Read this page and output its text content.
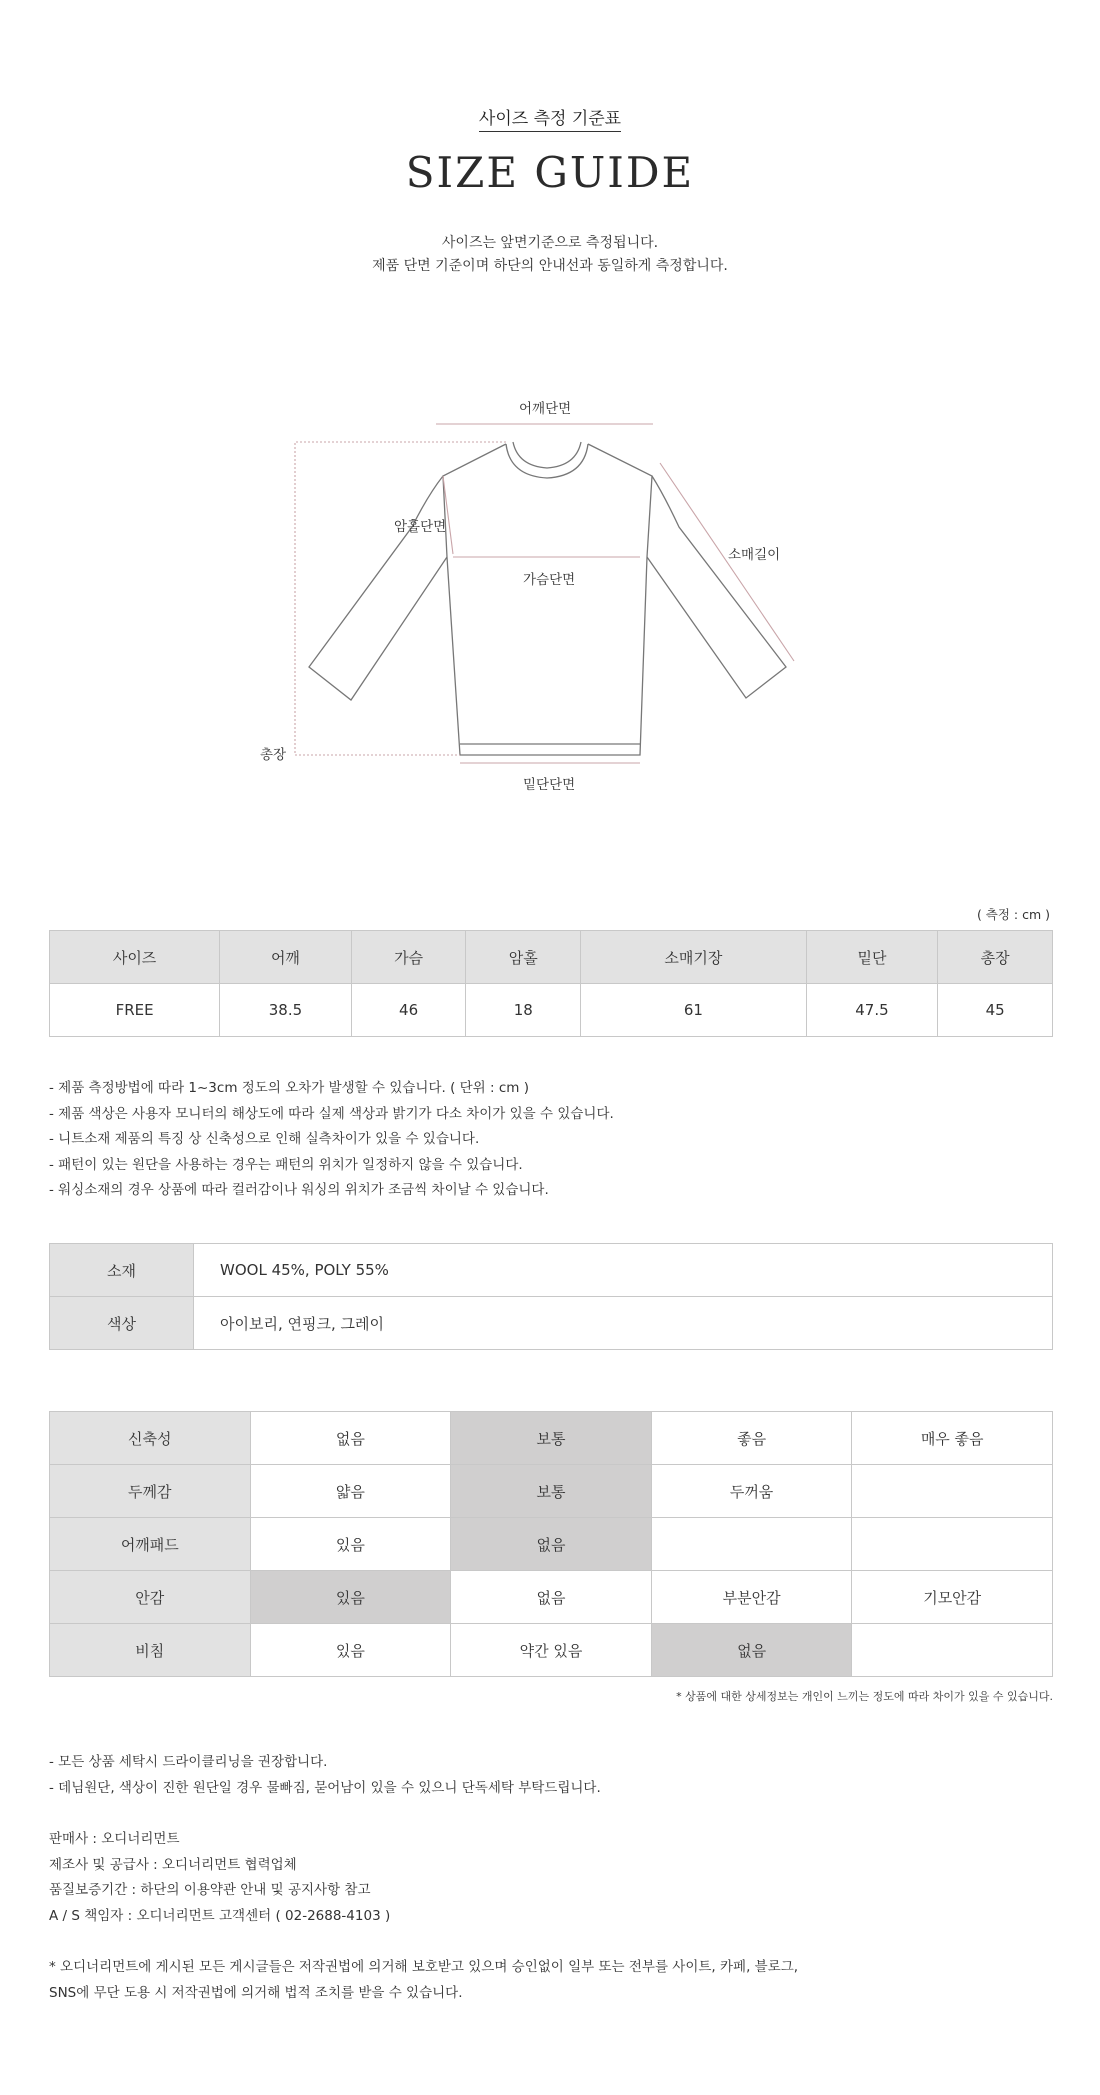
사이즈 측정 기준표
SIZE GUIDE
사이즈는 앞면기준으로 측정됩니다.
제품 단면 기준이며 하단의 안내선과 동일하게 측정합니다.
어깨단면
암홀단면
가슴단면
소매길이
총장
밑단단면
( 측정 : cm )
사이즈	어깨	가슴	암홀	소매기장	밑단	총장
FREE	38.5	46	18	61	47.5	45
- 제품 측정방법에 따라 1~3cm 정도의 오차가 발생할 수 있습니다. ( 단위 : cm )
- 제품 색상은 사용자 모니터의 해상도에 따라 실제 색상과 밝기가 다소 차이가 있을 수 있습니다.
- 니트소재 제품의 특징 상 신축성으로 인해 실측차이가 있을 수 있습니다.
- 패턴이 있는 원단을 사용하는 경우는 패턴의 위치가 일정하지 않을 수 있습니다.
- 워싱소재의 경우 상품에 따라 컬러감이나 워싱의 위치가 조금씩 차이날 수 있습니다.
소재	WOOL 45%, POLY 55%
색상	아이보리, 연핑크, 그레이
신축성	없음	보통	좋음	매우 좋음
두께감	얇음	보통	두꺼움	
어깨패드	있음	없음		
안감	있음	없음	부분안감	기모안감
비침	있음	약간 있음	없음	
* 상품에 대한 상세정보는 개인이 느끼는 정도에 따라 차이가 있을 수 있습니다.
- 모든 상품 세탁시 드라이클리닝을 권장합니다.
- 데님원단, 색상이 진한 원단일 경우 물빠짐, 묻어남이 있을 수 있으니 단독세탁 부탁드립니다.
판매사 : 오디너리먼트
제조사 및 공급사 : 오디너리먼트 협력업체
품질보증기간 : 하단의 이용약관 안내 및 공지사항 참고
A / S 책임자 : 오디너리먼트 고객센터 ( 02-2688-4103 )
* 오디너리먼트에 게시된 모든 게시글들은 저작권법에 의거해 보호받고 있으며 승인없이 일부 또는 전부를 사이트, 카페, 블로그,
SNS에 무단 도용 시 저작권법에 의거해 법적 조치를 받을 수 있습니다.
